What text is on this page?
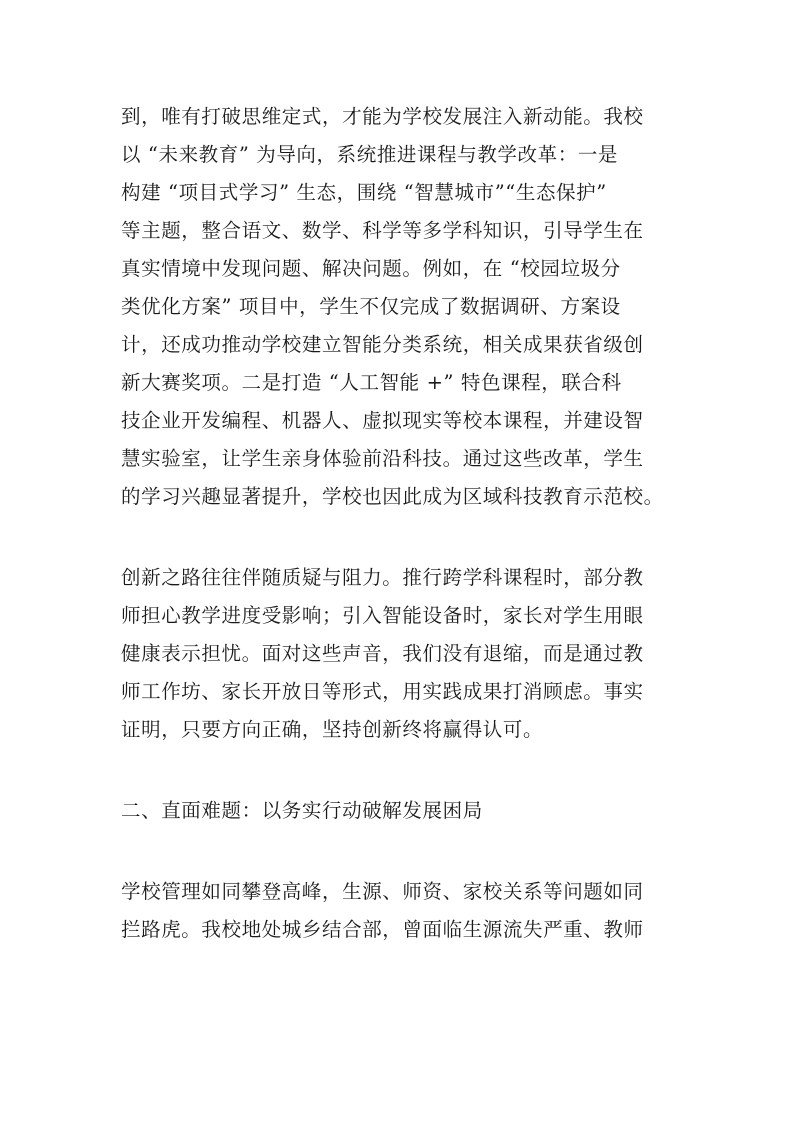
到，唯有打破思维定式，才能为学校发展注入新动能。我校
以 “未来教育” 为导向，系统推进课程与教学改革：一是
构建 “项目式学习” 生态，围绕 “智慧城市”“生态保护”
等主题，整合语文、数学、科学等多学科知识，引导学生在
真实情境中发现问题、解决问题。例如，在 “校园垃圾分
类优化方案” 项目中，学生不仅完成了数据调研、方案设
计，还成功推动学校建立智能分类系统，相关成果获省级创
新大赛奖项。二是打造 “人工智能 +” 特色课程，联合科
技企业开发编程、机器人、虚拟现实等校本课程，并建设智
慧实验室，让学生亲身体验前沿科技。通过这些改革，学生
的学习兴趣显著提升，学校也因此成为区域科技教育示范校。
创新之路往往伴随质疑与阻力。推行跨学科课程时，部分教
师担心教学进度受影响；引入智能设备时，家长对学生用眼
健康表示担忧。面对这些声音，我们没有退缩，而是通过教
师工作坊、家长开放日等形式，用实践成果打消顾虑。事实
证明，只要方向正确，坚持创新终将赢得认可。
二、直面难题：以务实行动破解发展困局
学校管理如同攀登高峰，生源、师资、家校关系等问题如同
拦路虎。我校地处城乡结合部，曾面临生源流失严重、教师
